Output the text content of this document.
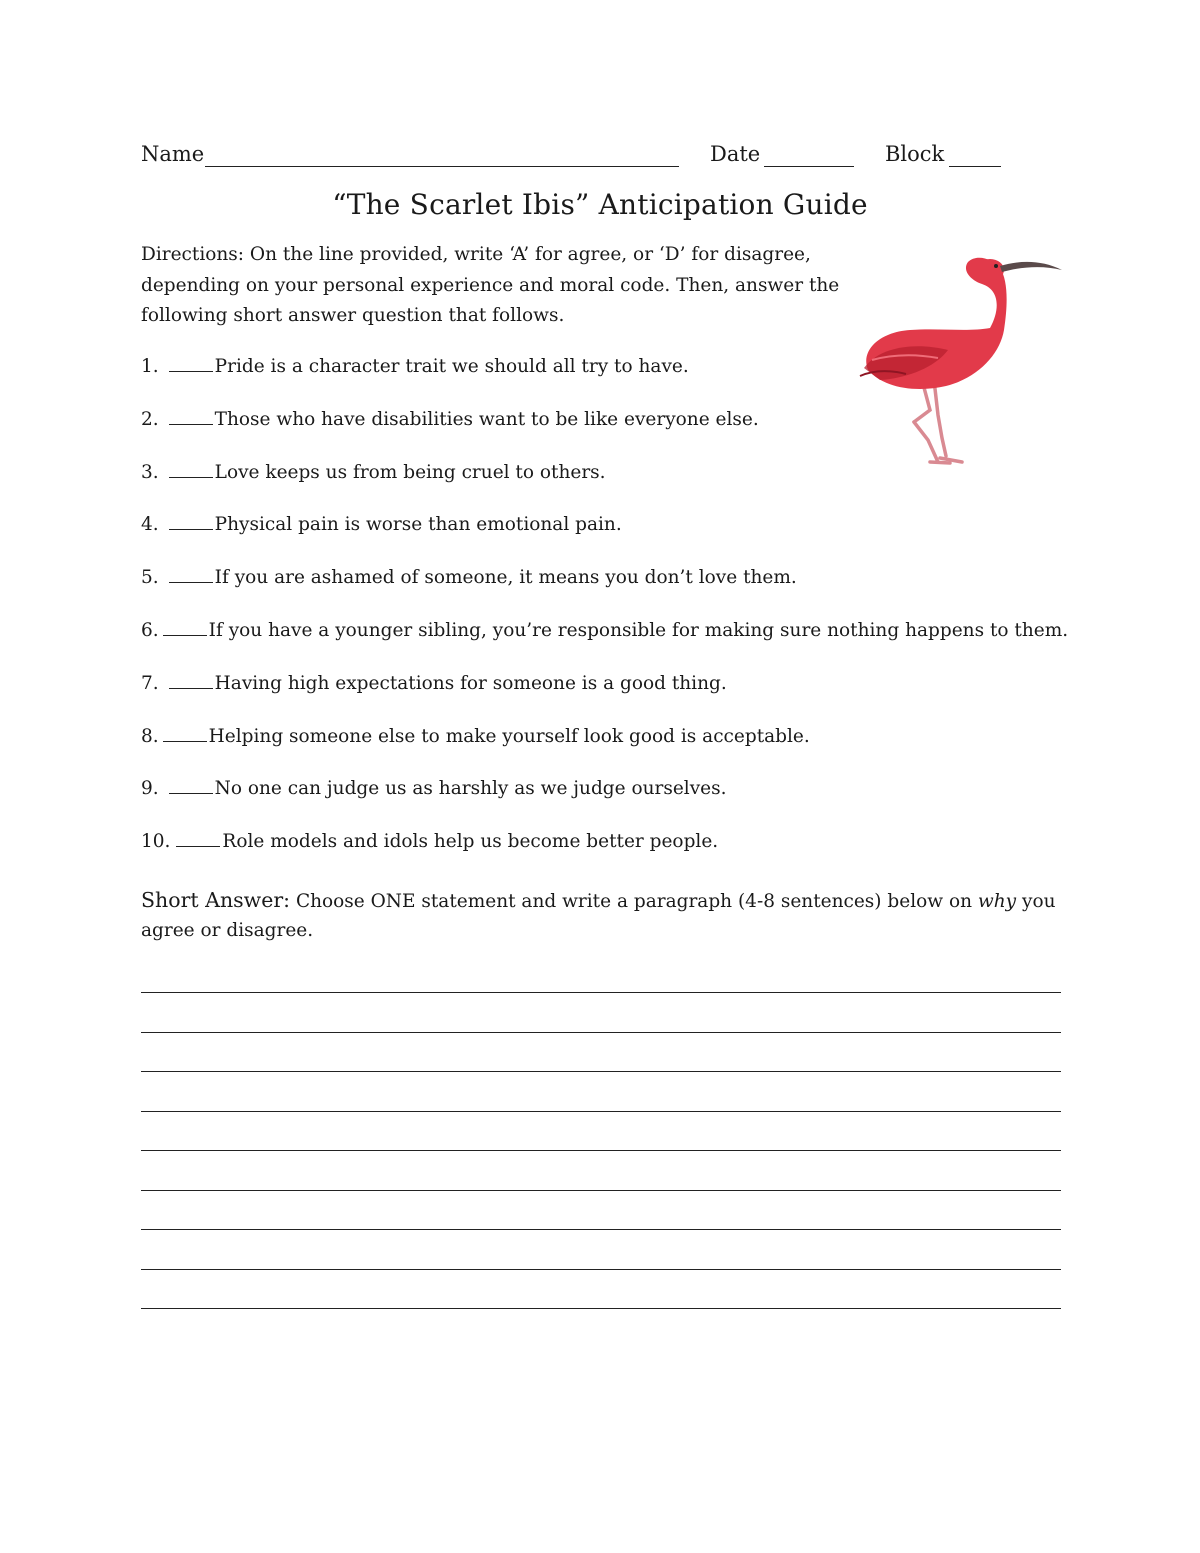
Name	Date	Block
“The Scarlet Ibis” Anticipation Guide
Directions: On the line provided, write ‘A’ for agree, or ‘D’ for disagree, depending on your personal experience and moral code. Then, answer the following short answer question that follows.
1.	Pride is a character trait we should all try to have.
2.	Those who have disabilities want to be like everyone else.
3.	Love keeps us from being cruel to others.
4.	Physical pain is worse than emotional pain.
5.	If you are ashamed of someone, it means you don’t love them.
6.	If you have a younger sibling, you’re responsible for making sure nothing happens to them.
7.	Having high expectations for someone is a good thing.
8.	Helping someone else to make yourself look good is acceptable.
9.	No one can judge us as harshly as we judge ourselves.
10.	Role models and idols help us become better people.
Short Answer: Choose ONE statement and write a paragraph (4-8 sentences) below on why you agree or disagree.
